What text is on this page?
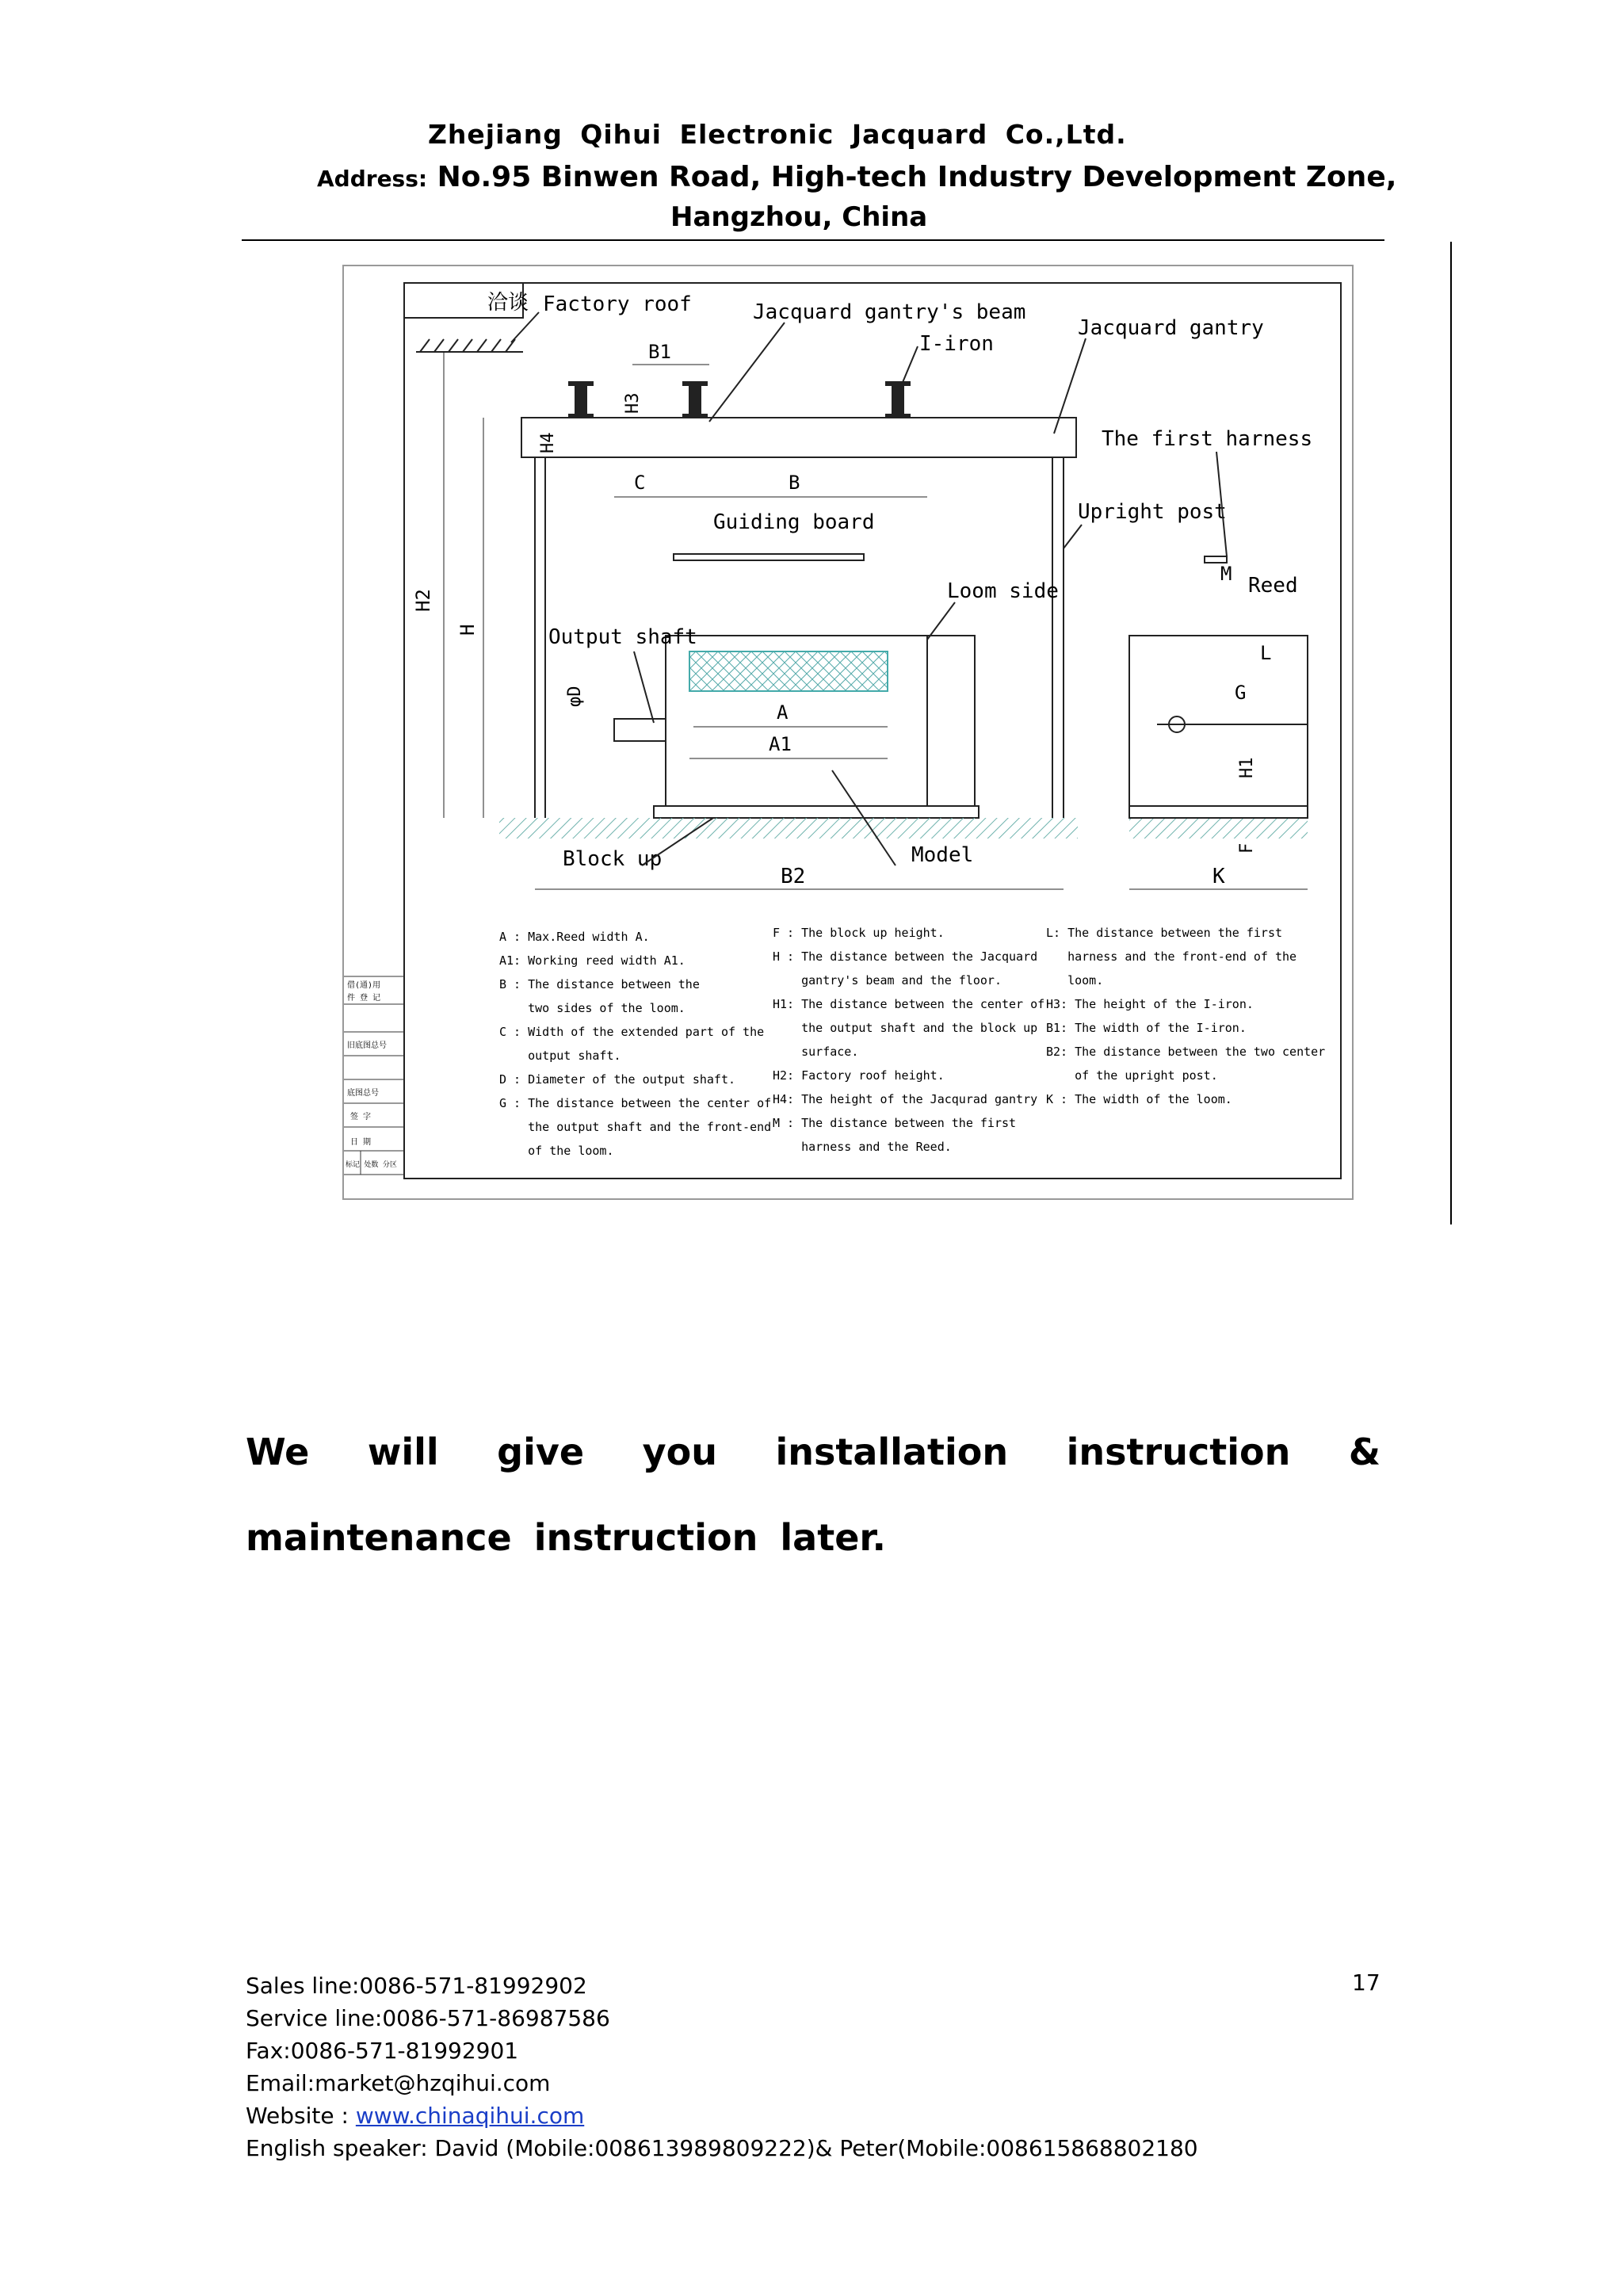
Zhejiang Qihui Electronic Jacquard Co.,Ltd.
Address: No.95 Binwen Road, High-tech Industry Development Zone,
Hangzhou, China
洽谈
借(通)用
件 登 记
旧底图总号
底图总号
签 字
日 期
标记 处数 分区
Factory roof	Jacquard gantry's beam
I-iron
Jacquard gantry
B1
H3
H4
H2
H
C	B
Guiding board
Loom side
Output shaft
φD
A
A1
Upright post
Block up	Model
B2
The first harness
Reed
M
L
G
H1
F
K
A : Max.Reed width A.
A1: Working reed width A1.
B : The distance between the
two sides of the loom.
C : Width of the extended part of the
output shaft.
D : Diameter of the output shaft.
G : The distance between the center of
the output shaft and the front-end
of the loom.
F : The block up height.
H : The distance between the Jacquard
gantry's beam and the floor.
H1: The distance between the center of
the output shaft and the block up
surface.
H2: Factory roof height.
H4: The height of the Jacqurad gantry
M : The distance between the first
harness and the Reed.
L: The distance between the first
harness and the front-end of the
loom.
H3: The height of the I-iron.
B1: The width of the I-iron.
B2: The distance between the two center
of the upright post.
K : The width of the loom.
We will give you installation instruction & maintenance instruction later.
17
Sales line:0086-571-81992902
Service line:0086-571-86987586
Fax:0086-571-81992901
Email:market@hzqihui.com
Website : www.chinaqihui.com
English speaker: David (Mobile:008613989809222)& Peter(Mobile:008615868802180
